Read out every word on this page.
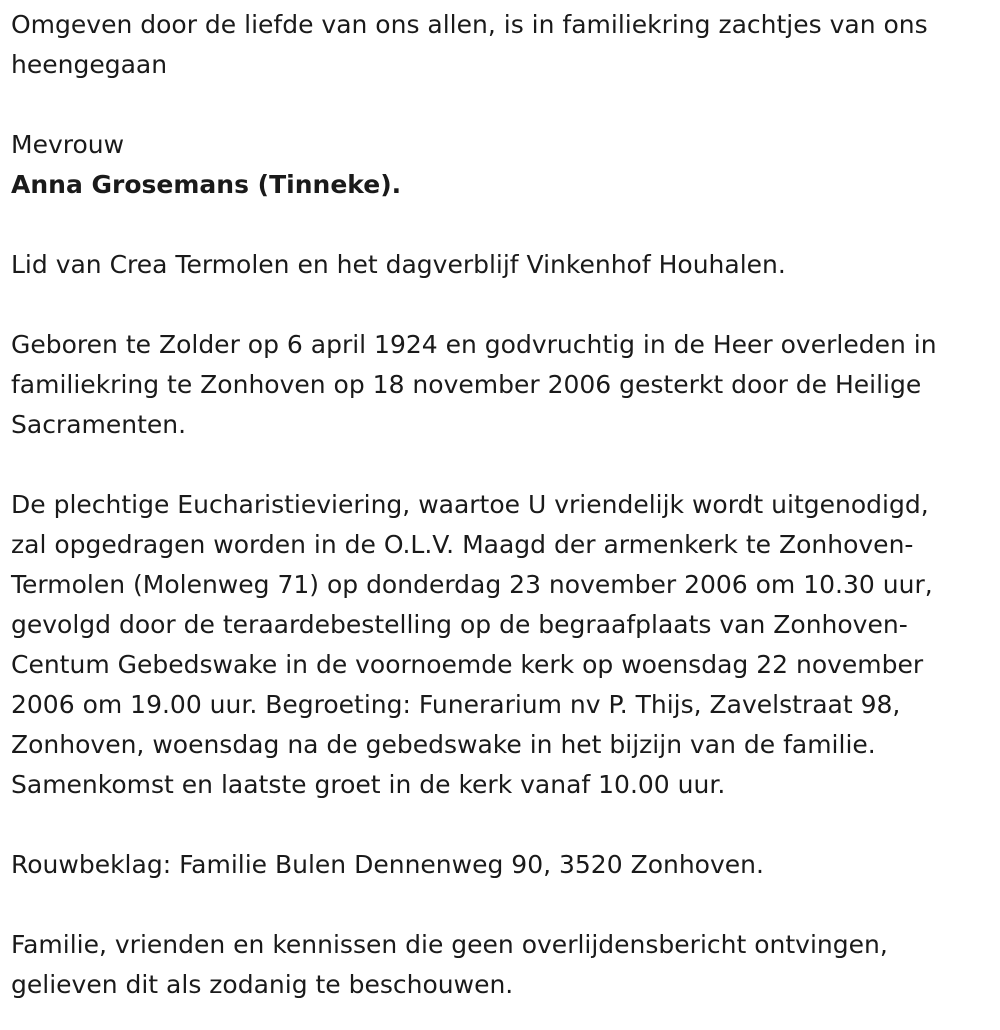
Omgeven door de liefde van ons allen, is in familiekring zachtjes van ons
heengegaan

Mevrouw

Anna Grosemans (Tinneke).

Lid van Crea Termolen en het dagverblijf Vinkenhof Houhalen.

Geboren te Zolder op 6 april 1924 en godvruchtig in de Heer overleden in
familiekring te Zonhoven op 18 november 2006 gesterkt door de Heilige
Sacramenten.

De plechtige Eucharistieviering, waartoe U vriendelijk wordt uitgenodigd,
zal opgedragen worden in de O.L.V. Maagd der armenkerk te Zonhoven-
Termolen (Molenweg 71) op donderdag 23 november 2006 om 10.30 uur,
gevolgd door de teraardebestelling op de begraafplaats van Zonhoven-
Centum Gebedswake in de voornoemde kerk op woensdag 22 november
2006 om 19.00 uur. Begroeting: Funerarium nv P. Thijs, Zavelstraat 98,
Zonhoven, woensdag na de gebedswake in het bijzijn van de familie.
Samenkomst en laatste groet in de kerk vanaf 10.00 uur.

Rouwbeklag: Familie Bulen Dennenweg 90, 3520 Zonhoven.

Familie, vrienden en kennissen die geen overlijdensbericht ontvingen,
gelieven dit als zodanig te beschouwen.
